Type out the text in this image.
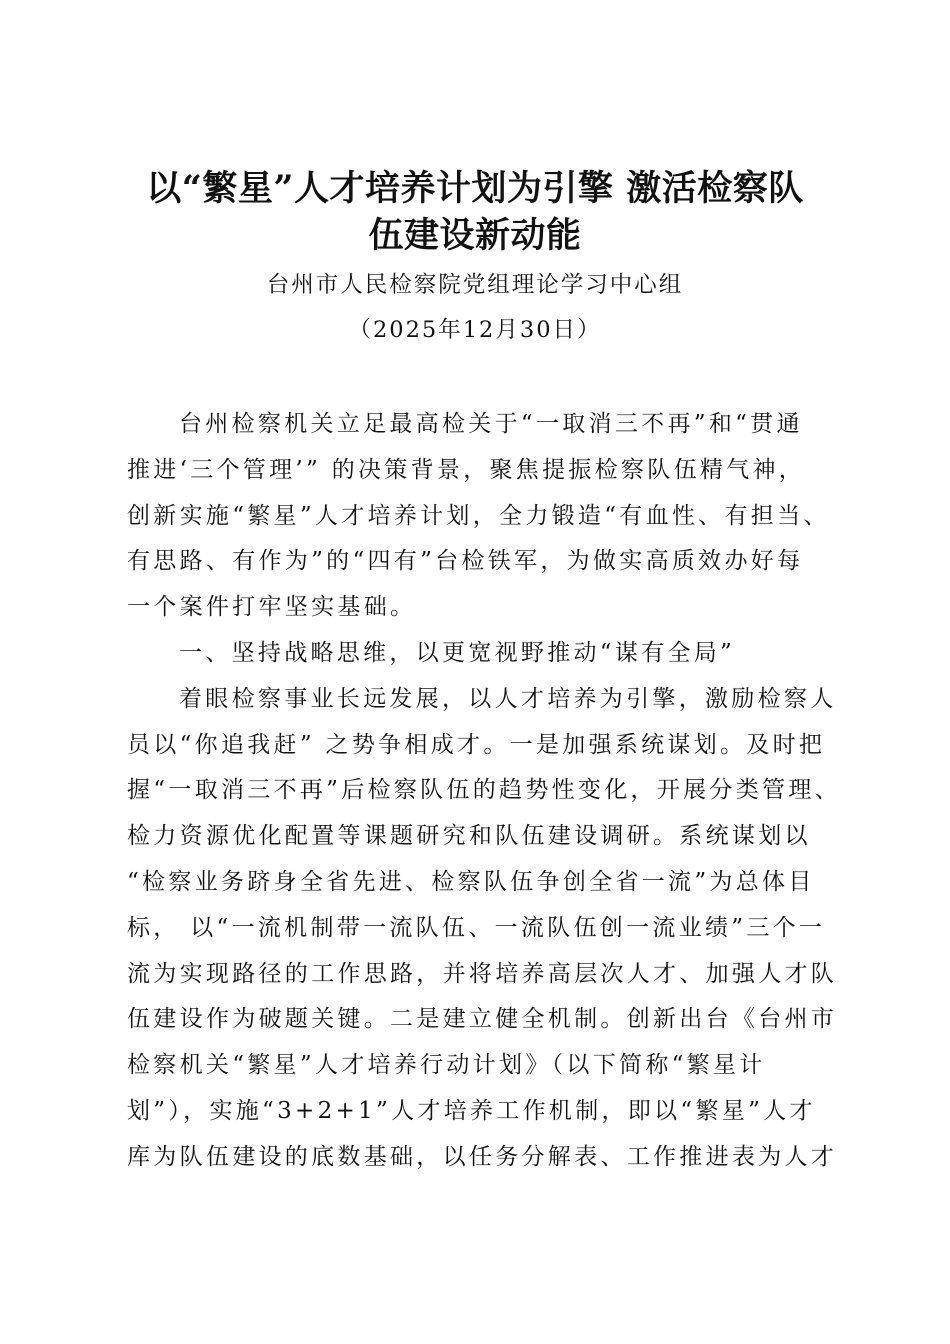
以“繁星”人才培养计划为引擎 激活检察队
伍建设新动能

台州市人民检察院党组理论学习中心组

（2025年12月30日）

台州检察机关立足最高检关于“一取消三不再”和“贯通
推进‘三个管理’” 的决策背景，聚焦提振检察队伍精气神，
创新实施“繁星”人才培养计划，全力锻造“有血性、有担当、
有思路、有作为”的“四有”台检铁军，为做实高质效办好每
一个案件打牢坚实基础。
一、坚持战略思维，以更宽视野推动“谋有全局”
着眼检察事业长远发展，以人才培养为引擎，激励检察人
员以“你追我赶” 之势争相成才。一是加强系统谋划。及时把
握“一取消三不再”后检察队伍的趋势性变化，开展分类管理、
检力资源优化配置等课题研究和队伍建设调研。系统谋划以
“检察业务跻身全省先进、检察队伍争创全省一流”为总体目
标， 以“一流机制带一流队伍、一流队伍创一流业绩”三个一
流为实现路径的工作思路，并将培养高层次人才、加强人才队
伍建设作为破题关键。二是建立健全机制。创新出台《台州市
检察机关“繁星”人才培养行动计划》（以下简称“繁星计
划”），实施“3+2+1”人才培养工作机制，即以“繁星”人才
库为队伍建设的底数基础，以任务分解表、工作推进表为人才
